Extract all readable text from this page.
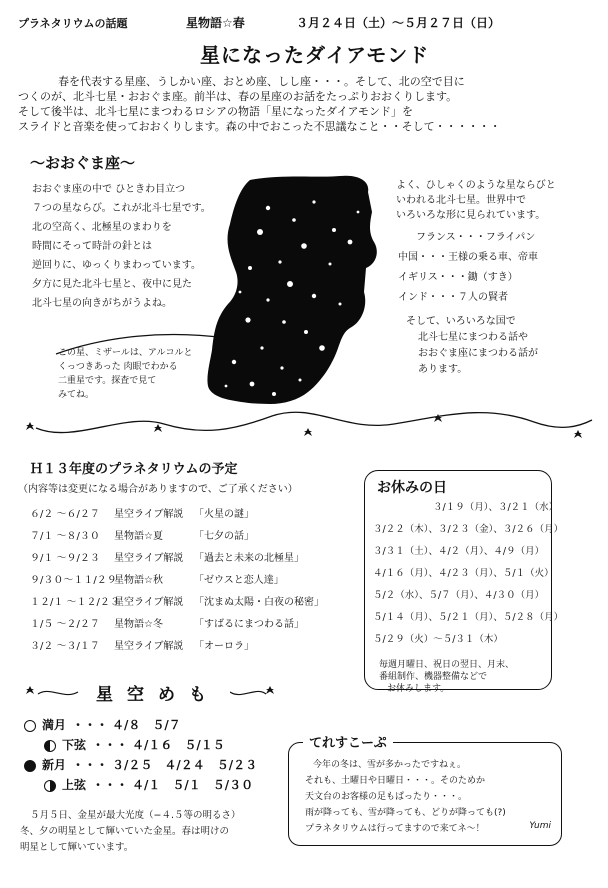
プラネタリウムの話題	星物語☆春	３月２４日（土）〜５月２７日（日）
星になったダイアモンド
春を代表する星座、うしかい座、おとめ座、しし座・・・。そして、北の空で目に
つくのが、北斗七星・おおぐま座。前半は、春の星座のお話をたっぷりおおくりします。
そして後半は、北斗七星にまつわるロシアの物語「星になったダイアモンド」を
スライドと音楽を使っておおくりします。森の中でおこった不思議なこと・・そして・・・・・・
〜おおぐま座〜
おおぐま座の中で ひときわ目立つ
７つの星ならび。これが北斗七星です。
北の空高く、北極星のまわりを
時間にそって時計の針とは
逆回りに、ゆっくりまわっています。
夕方に見た北斗七星と、夜中に見た
北斗七星の向きがちがうよね。
この星、ミザールは、アルコルと
くっつきあった 肉眼でわかる
二重星です。探査で見て
みてね。
よく、ひしゃくのような星ならびと
いわれる北斗七星。世界中で
いろいろな形に見られています。
フランス・・・フライパン
中国・・・王様の乗る車、帝車
イギリス・・・鋤（すき）
インド・・・７人の賢者
そして、いろいろな国で
北斗七星にまつわる話や
おおぐま座にまつわる話が
あります。
Ｈ１３年度のプラネタリウムの予定
（内容等は変更になる場合がありますので、ご了承ください）
６/２ 〜６/２７ 星空ライブ解説 「火星の謎」
７/１ 〜８/３０ 星物語☆夏	「七夕の話」
９/１ 〜９/２３ 星空ライブ解説 「過去と未来の北極星」
９/３０〜１１/２９星物語☆秋	「ゼウスと恋人達」
１２/１ 〜１２/２３星空ライブ解説 「沈まぬ太陽・白夜の秘密」
１/５ 〜２/２７ 星物語☆冬	「すばるにまつわる話」
３/２ 〜３/１７ 星空ライブ解説 「オーロラ」
お休みの日
３/１９（月）、３/２１（水）
３/２２（木）、３/２３（金）、３/２６（月）
３/３１（土）、４/２（月）、４/９（月）
４/１６（月）、４/２３（月）、５/１（火）
５/２（水）、５/７（月）、４/３０（月）
５/１４（月）、５/２１（月）、５/２８（月）
５/２９（火）〜５/３１（木）
毎週月曜日、祝日の翌日、月末、
番組制作、機器整備などで
お休みします。
星空めも
満月 ・・・ ４/８　５/７
下弦 ・・・ ４/１６　５/１５
新月 ・・・ ３/２５　４/２４　５/２３
上弦 ・・・ ４/１　５/１　５/３０
５月５日、金星が最大光度（−４.５等の明るさ）
冬、夕の明星として輝いていた金星。春は明けの
明星として輝いています。
てれすこーぷ
今年の冬は、雪が多かったですねぇ。
それも、土曜日や日曜日・・・。そのためか
天文台のお客様の足もぱったり・・・。
雨が降っても、雪が降っても、どりが降っても(?)
プラネタリウムは行ってますので来てネ〜！	Yumi
